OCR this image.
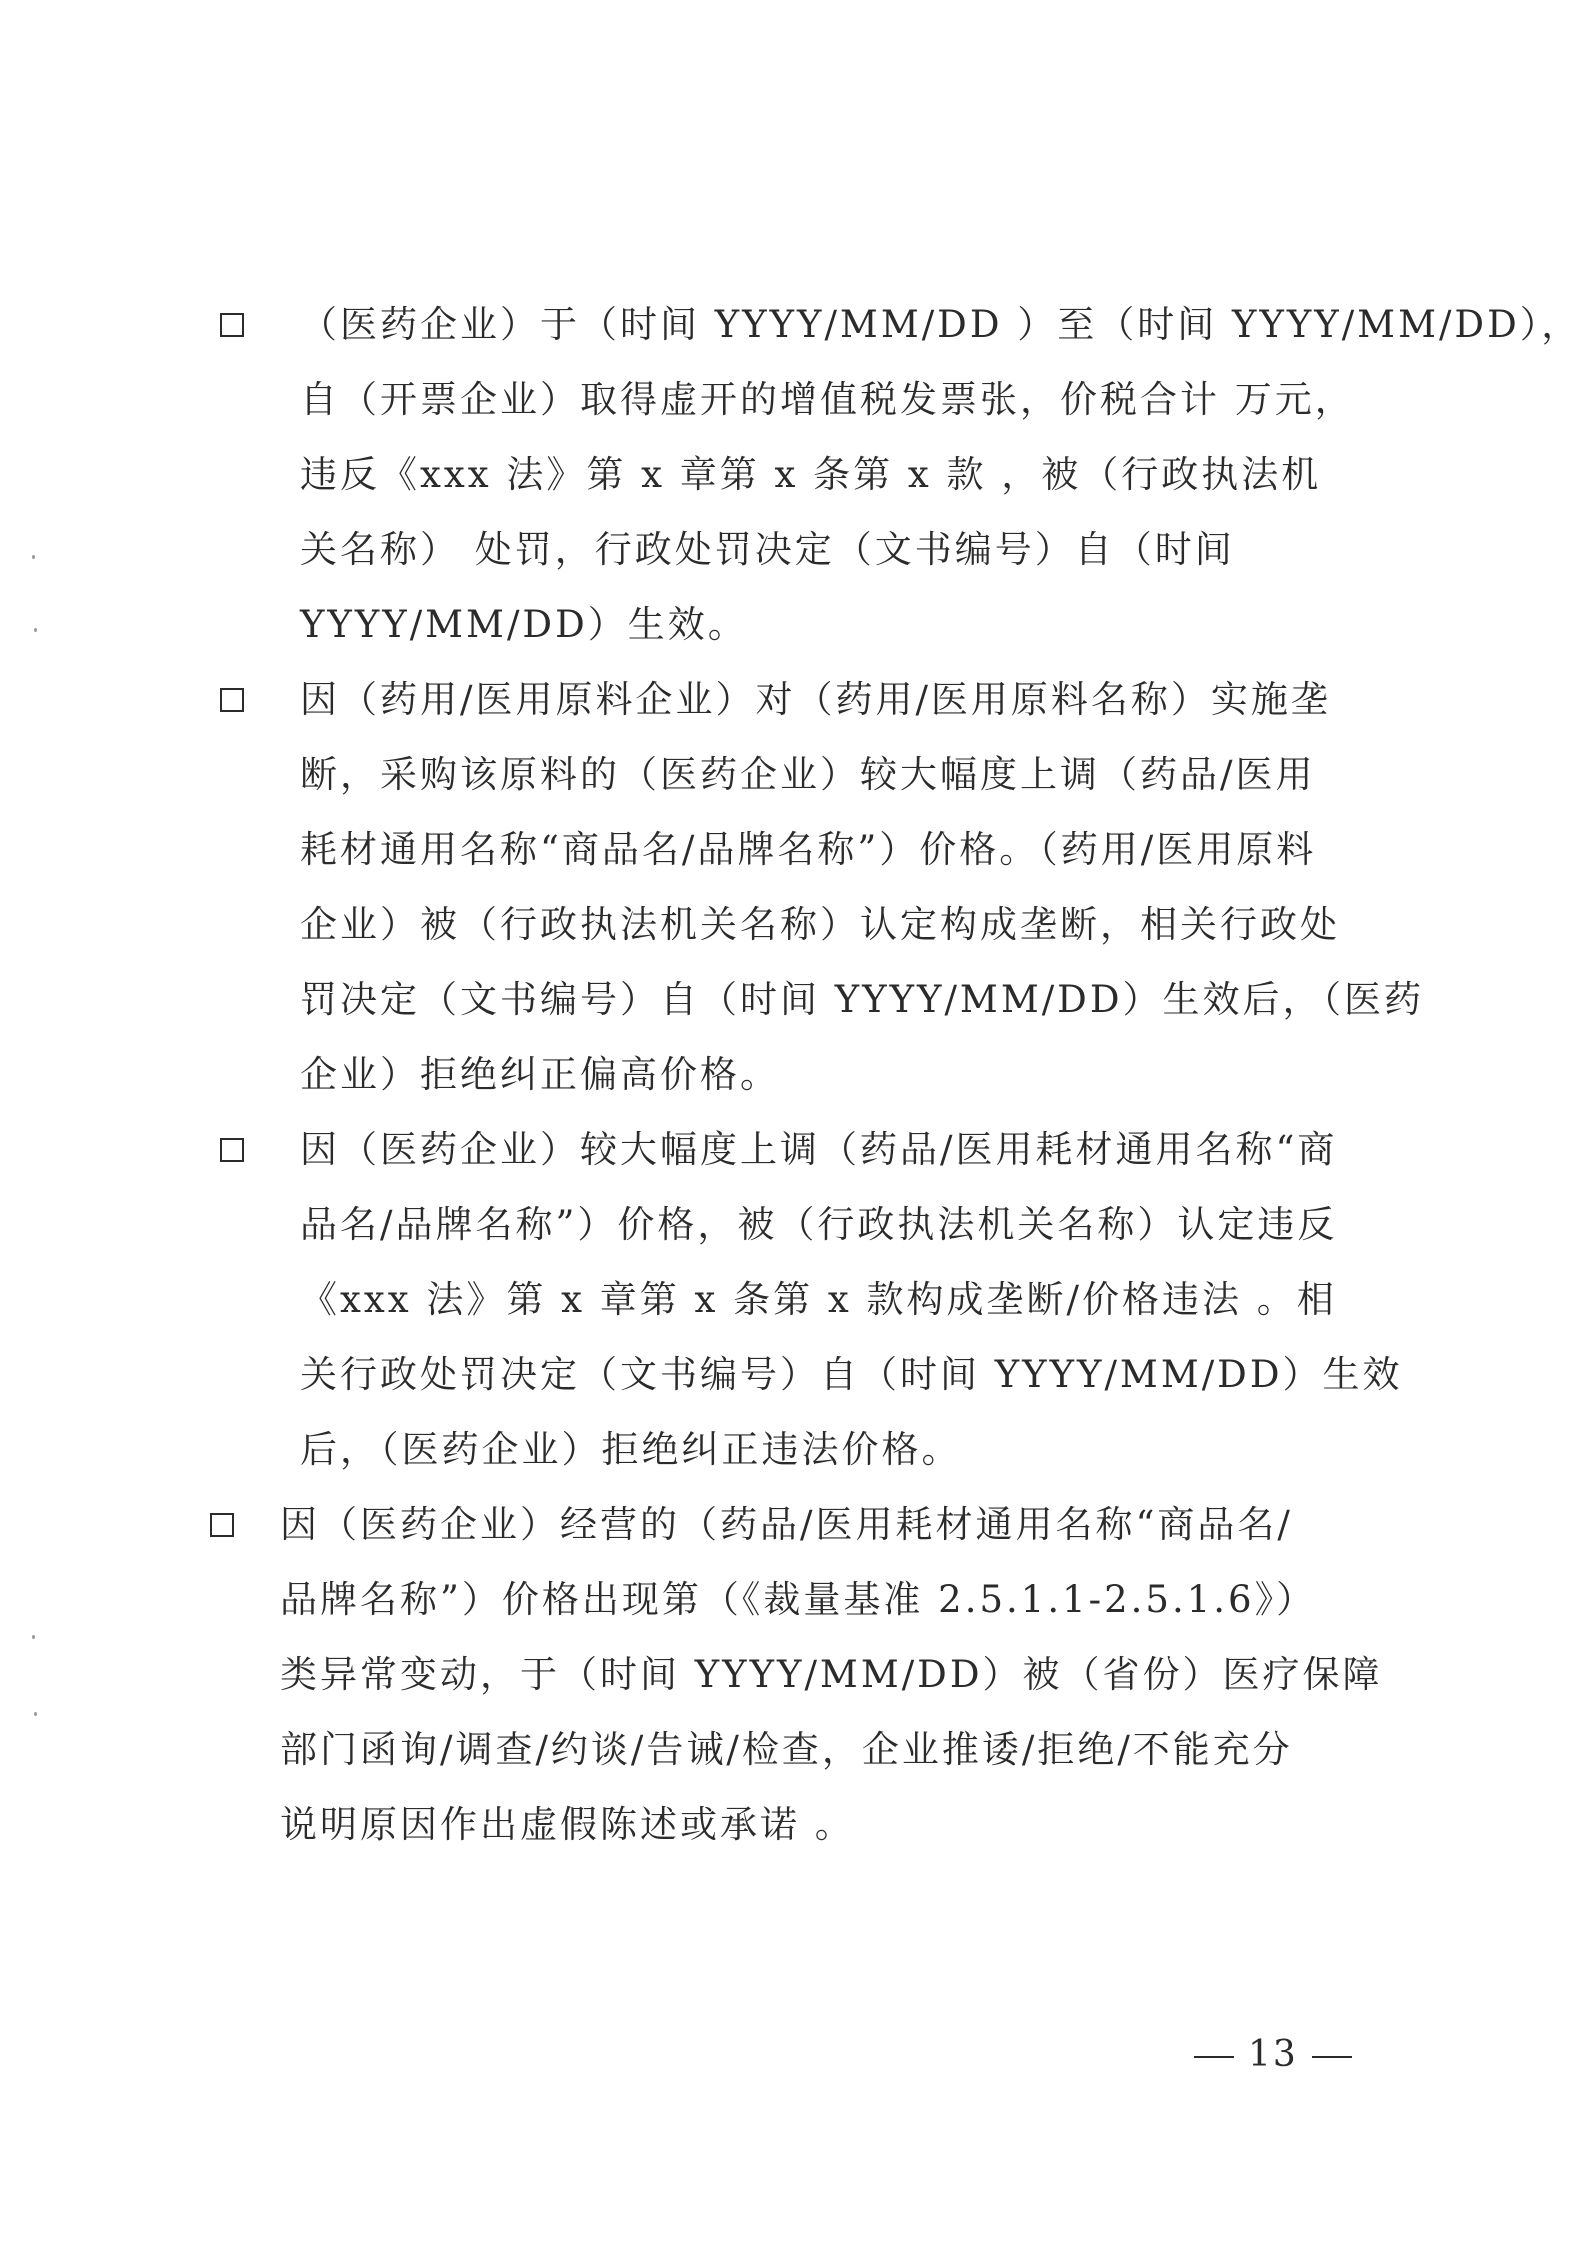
（医药企业）于（时间 YYYY/MM/DD ）至（时间 YYYY/MM/DD），
自（开票企业）取得虚开的增值税发票张，价税合计 万元，
违反《xxx 法》第 x 章第 x 条第 x 款 ，被（行政执法机
关名称） 处罚，行政处罚决定（文书编号）自（时间
YYYY/MM/DD）生效。
因（药用/医用原料企业）对（药用/医用原料名称）实施垄
断，采购该原料的（医药企业）较大幅度上调（药品/医用
耗材通用名称“商品名/品牌名称”）价格。（药用/医用原料
企业）被（行政执法机关名称）认定构成垄断，相关行政处
罚决定（文书编号）自（时间 YYYY/MM/DD）生效后，（医药
企业）拒绝纠正偏高价格。
因（医药企业）较大幅度上调（药品/医用耗材通用名称“商
品名/品牌名称”）价格，被（行政执法机关名称）认定违反
《xxx 法》第 x 章第 x 条第 x 款构成垄断/价格违法 。相
关行政处罚决定（文书编号）自（时间 YYYY/MM/DD）生效
后，（医药企业）拒绝纠正违法价格。
因（医药企业）经营的（药品/医用耗材通用名称“商品名/
品牌名称”）价格出现第（《裁量基准 2.5.1.1-2.5.1.6》）
类异常变动，于（时间 YYYY/MM/DD）被（省份）医疗保障
部门函询/调查/约谈/告诫/检查，企业推诿/拒绝/不能充分
说明原因作出虚假陈述或承诺 。
13
